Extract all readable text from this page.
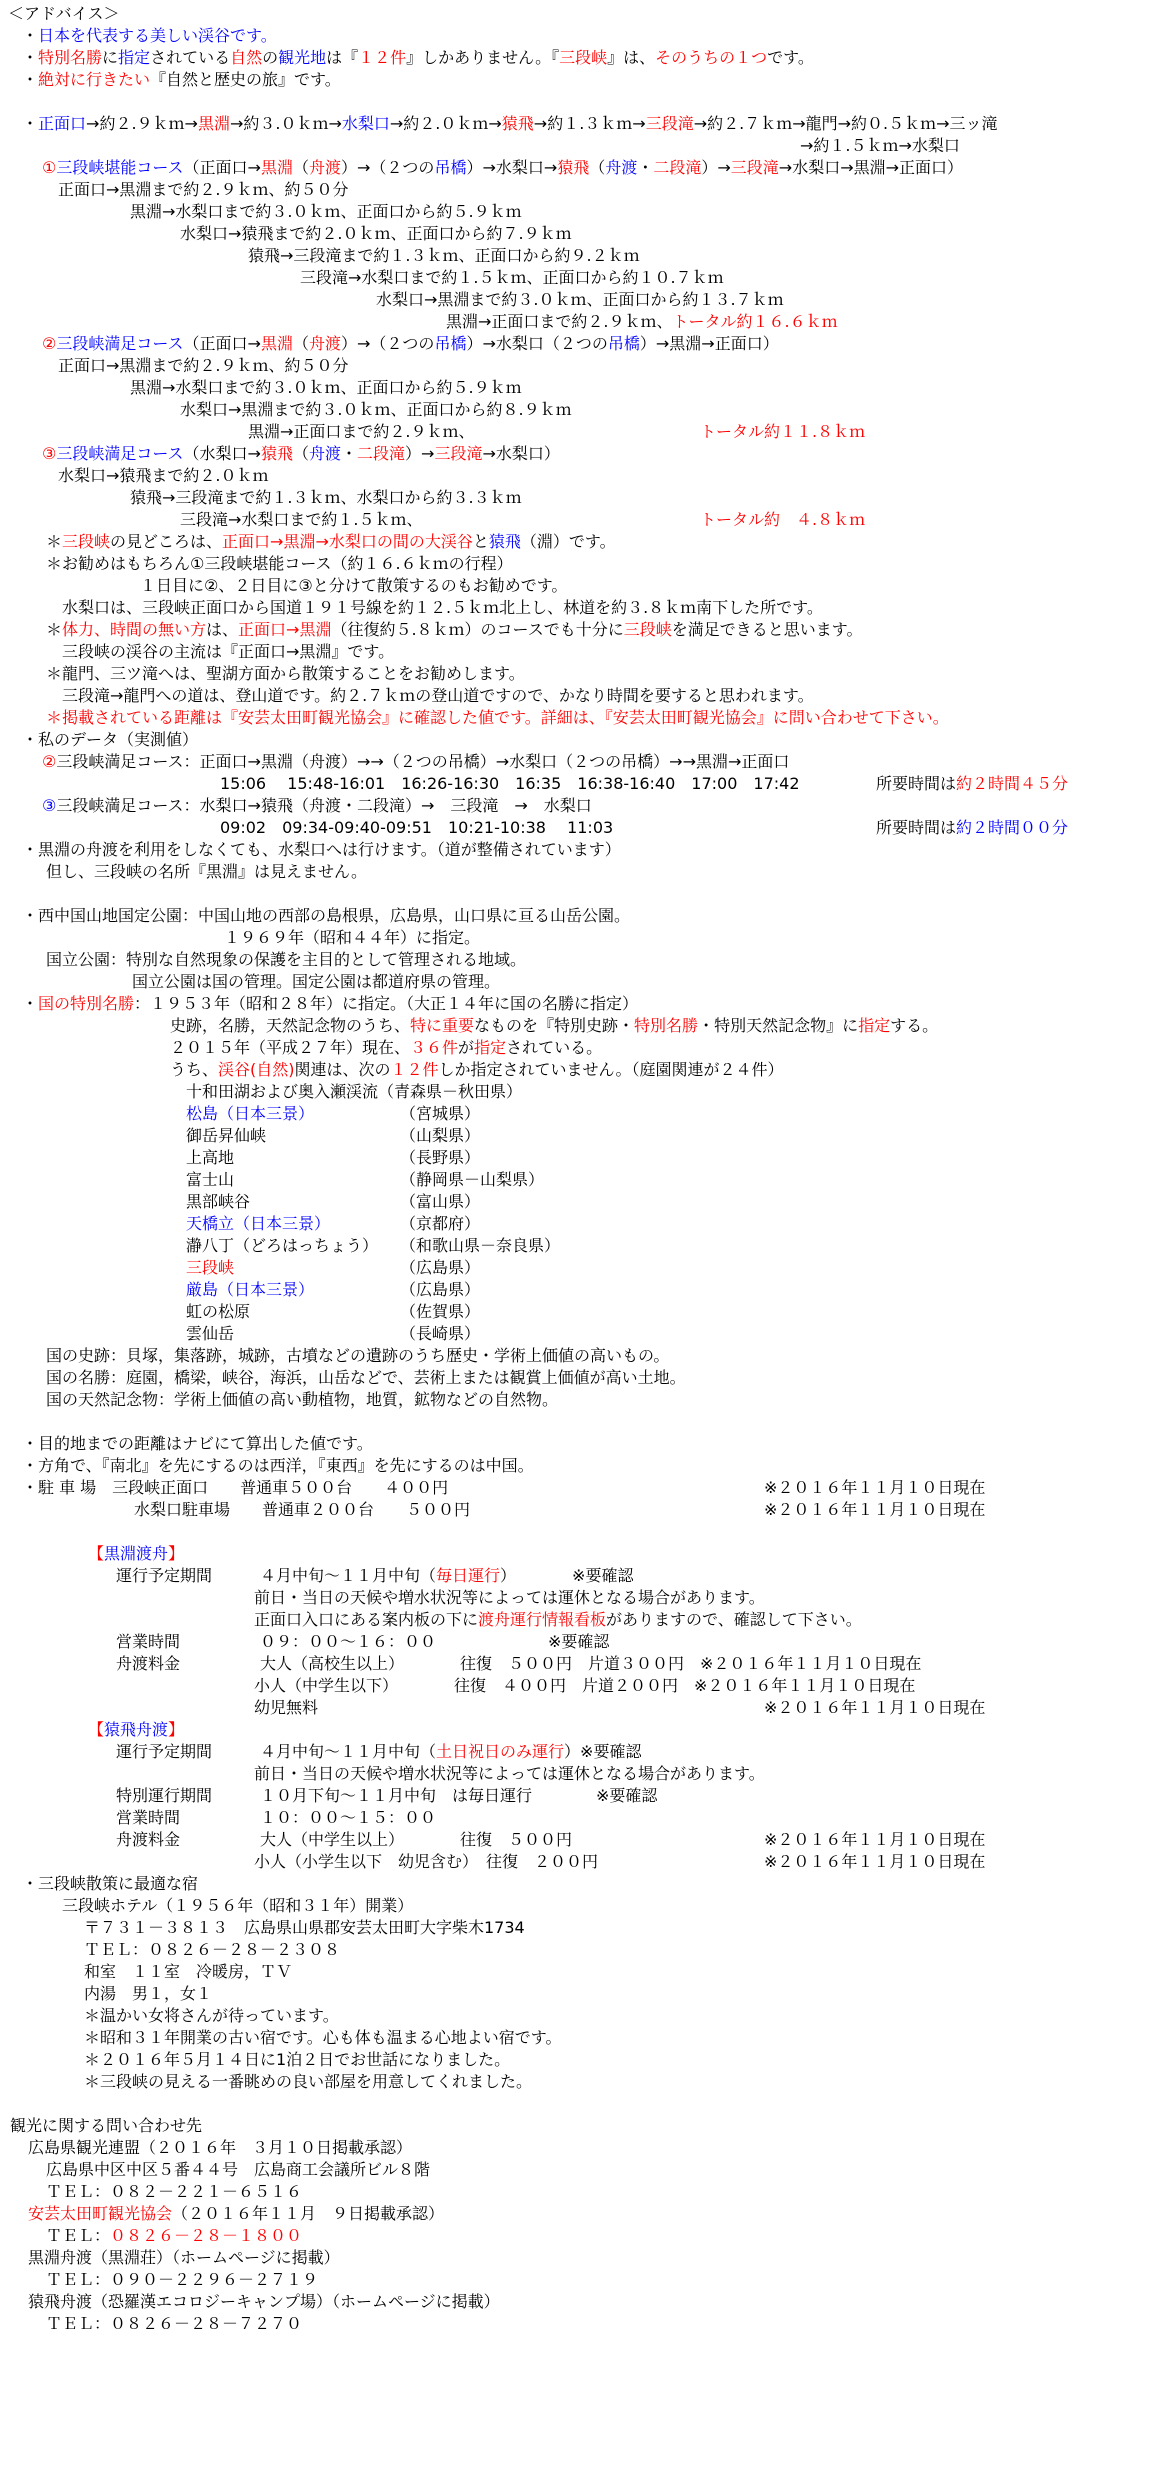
＜アドバイス＞
・日本を代表する美しい渓谷です。
・特別名勝に指定されている自然の観光地は『１２件』しかありません。『三段峡』は、そのうちの１つです。
・絶対に行きたい『自然と歴史の旅』です。
・正面口→約２.９ｋｍ→黒淵→約３.０ｋｍ→水梨口→約２.０ｋｍ→猿飛→約１.３ｋｍ→三段滝→約２.７ｋｍ→龍門→約０.５ｋｍ→三ッ滝
→約１.５ｋｍ→水梨口
①三段峡堪能コース（正面口→黒淵（舟渡）→（２つの吊橋）→水梨口→猿飛（舟渡・二段滝）→三段滝→水梨口→黒淵→正面口）
正面口→黒淵まで約２.９ｋｍ、約５０分
黒淵→水梨口まで約３.０ｋｍ、正面口から約５.９ｋｍ
水梨口→猿飛まで約２.０ｋｍ、正面口から約７.９ｋｍ
猿飛→三段滝まで約１.３ｋｍ、正面口から約９.２ｋｍ
三段滝→水梨口まで約１.５ｋｍ、正面口から約１０.７ｋｍ
水梨口→黒淵まで約３.０ｋｍ、正面口から約１３.７ｋｍ
黒淵→正面口まで約２.９ｋｍ、トータル約１６.６ｋｍ
②三段峡満足コース（正面口→黒淵（舟渡）→（２つの吊橋）→水梨口（２つの吊橋）→黒淵→正面口）
正面口→黒淵まで約２.９ｋｍ、約５０分
黒淵→水梨口まで約３.０ｋｍ、正面口から約５.９ｋｍ
水梨口→黒淵まで約３.０ｋｍ、正面口から約８.９ｋｍ
黒淵→正面口まで約２.９ｋｍ、	トータル約１１.８ｋｍ
③三段峡満足コース（水梨口→猿飛（舟渡・二段滝）→三段滝→水梨口）
水梨口→猿飛まで約２.０ｋｍ
猿飛→三段滝まで約１.３ｋｍ、水梨口から約３.３ｋｍ
三段滝→水梨口まで約１.５ｋｍ、	トータル約　４.８ｋｍ
＊三段峡の見どころは、正面口→黒淵→水梨口の間の大渓谷と猿飛（淵）です。
＊お勧めはもちろん①三段峡堪能コース（約１６.６ｋｍの行程）
１日目に②、２日目に③と分けて散策するのもお勧めです。
水梨口は、三段峡正面口から国道１９１号線を約１２.５ｋｍ北上し、林道を約３.８ｋｍ南下した所です。
＊体力、時間の無い方は、正面口→黒淵（往復約５.８ｋｍ）のコースでも十分に三段峡を満足できると思います。
三段峡の渓谷の主流は『正面口→黒淵』です。
＊龍門、三ツ滝へは、聖湖方面から散策することをお勧めします。
三段滝→龍門への道は、登山道です。約２.７ｋｍの登山道ですので、かなり時間を要すると思われます。
＊掲載されている距離は『安芸太田町観光協会』に確認した値です。詳細は、『安芸太田町観光協会』に問い合わせて下さい。
・私のデータ（実測値）
②三段峡満足コース：正面口→黒淵（舟渡）→→（２つの吊橋）→水梨口（２つの吊橋）→→黒淵→正面口
15:06　 15:48-16:01　16:26-16:30　16:35　16:38-16:40　17:00　17:42	所要時間は約２時間４５分
③三段峡満足コース：水梨口→猿飛（舟渡・二段滝）→　三段滝　→　水梨口
09:02　09:34-09:40-09:51　10:21-10:38　 11:03	所要時間は約２時間００分
・黒淵の舟渡を利用をしなくても、水梨口へは行けます。（道が整備されています）
但し、三段峡の名所『黒淵』は見えません。
・西中国山地国定公園：中国山地の西部の島根県，広島県，山口県に亘る山岳公園。
１９６９年（昭和４４年）に指定。
国立公園：特別な自然現象の保護を主目的として管理される地域。
国立公園は国の管理。国定公園は都道府県の管理。
・国の特別名勝：１９５３年（昭和２８年）に指定。（大正１４年に国の名勝に指定）
史跡，名勝，天然記念物のうち、特に重要なものを『特別史跡・特別名勝・特別天然記念物』に指定する。
２０１５年（平成２７年）現在、３６件が指定されている。
うち、渓谷(自然)関連は、次の１２件しか指定されていません。（庭園関連が２４件）
十和田湖および奥入瀬渓流（青森県－秋田県）
松島（日本三景）	（宮城県）
御岳昇仙峡	（山梨県）
上高地	（長野県）
富士山	（静岡県－山梨県）
黒部峡谷	（富山県）
天橋立（日本三景）	（京都府）
瀞八丁（どろはっちょう） （和歌山県－奈良県）
三段峡	（広島県）
厳島（日本三景）	（広島県）
虹の松原	（佐賀県）
雲仙岳	（長崎県）
国の史跡：貝塚，集落跡，城跡，古墳などの遺跡のうち歴史・学術上価値の高いもの。
国の名勝：庭園，橋梁，峡谷，海浜，山岳などで、芸術上または観賞上価値が高い土地。
国の天然記念物：学術上価値の高い動植物，地質，鉱物などの自然物。
・目的地までの距離はナビにて算出した値です。
・方角で、『南北』を先にするのは西洋，『東西』を先にするのは中国。
・駐 車 場　三段峡正面口　　普通車５００台　　４００円	※２０１６年１１月１０日現在
水梨口駐車場　　普通車２００台　　５００円	※２０１６年１１月１０日現在
【黒淵渡舟】
運行予定期間　　　４月中旬～１１月中旬（毎日運行）　　　　※要確認
前日・当日の天候や増水状況等によっては運休となる場合があります。
正面口入口にある案内板の下に渡舟運行情報看板がありますので、確認して下さい。
営業時間　　　　　０９：００～１６：００　　　　　　　※要確認
舟渡料金　　　　　大人（高校生以上）　　　　往復　５００円　片道３００円　※２０１６年１１月１０日現在
小人（中学生以下）　　　　往復　４００円　片道２００円　※２０１６年１１月１０日現在
幼児無料	※２０１６年１１月１０日現在
【猿飛舟渡】
運行予定期間　　　４月中旬～１１月中旬（土日祝日のみ運行）※要確認
前日・当日の天候や増水状況等によっては運休となる場合があります。
特別運行期間　　　１０月下旬～１１月中旬　は毎日運行　　　　※要確認
営業時間　　　　　１０：００～１５：００
舟渡料金　　　　　大人（中学生以上）　　　　往復　５００円	※２０１６年１１月１０日現在
小人（小学生以下　幼児含む）　往復　２００円	※２０１６年１１月１０日現在
・三段峡散策に最適な宿
三段峡ホテル（１９５６年（昭和３１年）開業）
〒７３１－３８１３　広島県山県郡安芸太田町大字柴木1734
ＴＥＬ：０８２６－２８－２３０８
和室　１１室　冷暖房，ＴＶ
内湯　男１，女１
＊温かい女将さんが待っています。
＊昭和３１年開業の古い宿です。心も体も温まる心地よい宿です。
＊２０１６年５月１４日に1泊２日でお世話になりました。
＊三段峡の見える一番眺めの良い部屋を用意してくれました。
観光に関する問い合わせ先
広島県観光連盟（２０１６年　３月１０日掲載承認）
広島県中区中区５番４４号　広島商工会議所ビル８階
ＴＥＬ：０８２－２２１－６５１６
安芸太田町観光協会（２０１６年１１月　９日掲載承認）
ＴＥＬ：０８２６－２８－１８００
黒淵舟渡（黒淵荘）（ホームページに掲載）
ＴＥＬ：０９０－２２９６－２７１９
猿飛舟渡（恐羅漢エコロジーキャンプ場）（ホームページに掲載）
ＴＥＬ：０８２６－２８－７２７０
